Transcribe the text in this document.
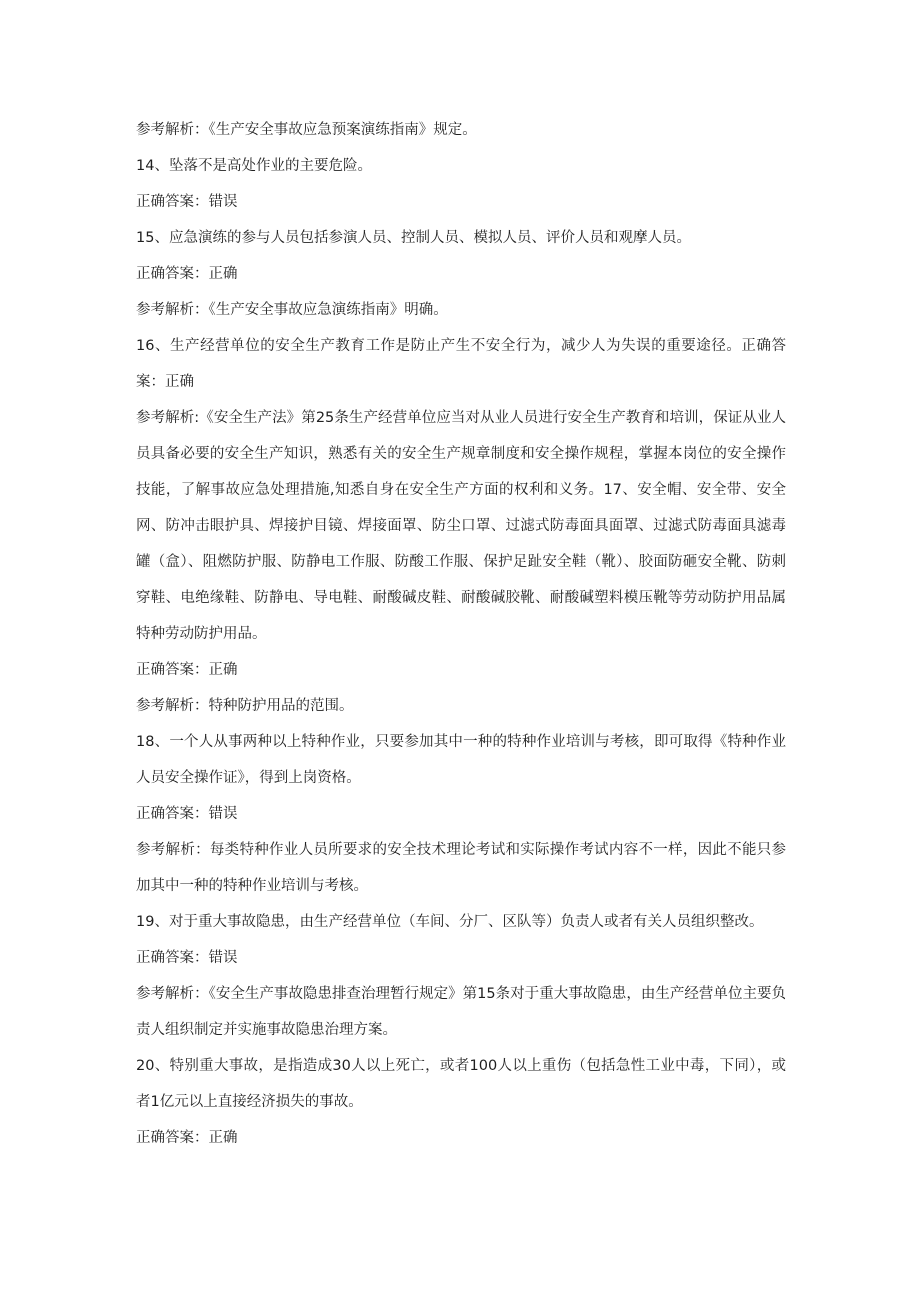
参考解析：《生产安全事故应急预案演练指南》规定。

14、坠落不是高处作业的主要危险。

正确答案：错误

15、应急演练的参与人员包括参演人员、控制人员、模拟人员、评价人员和观摩人员。

正确答案：正确

参考解析：《生产安全事故应急演练指南》明确。

16、生产经营单位的安全生产教育工作是防止产生不安全行为，减少人为失误的重要途径。正确答案：正确

参考解析:《安全生产法》第25条生产经营单位应当对从业人员进行安全生产教育和培训，保证从业人员具备必要的安全生产知识，熟悉有关的安全生产规章制度和安全操作规程，掌握本岗位的安全操作技能，了解事故应急处理措施,知悉自身在安全生产方面的权利和义务。17、安全帽、安全带、安全网、防冲击眼护具、焊接护目镜、焊接面罩、防尘口罩、过滤式防毒面具面罩、过滤式防毒面具滤毒罐（盒）、阻燃防护服、防静电工作服、防酸工作服、保护足趾安全鞋（靴）、胶面防砸安全靴、防刺穿鞋、电绝缘鞋、防静电、导电鞋、耐酸碱皮鞋、耐酸碱胶靴、耐酸碱塑料模压靴等劳动防护用品属特种劳动防护用品。

正确答案：正确

参考解析：特种防护用品的范围。

18、一个人从事两种以上特种作业，只要参加其中一种的特种作业培训与考核，即可取得《特种作业人员安全操作证》，得到上岗资格。

正确答案：错误

参考解析：每类特种作业人员所要求的安全技术理论考试和实际操作考试内容不一样，因此不能只参加其中一种的特种作业培训与考核。

19、对于重大事故隐患，由生产经营单位（车间、分厂、区队等）负责人或者有关人员组织整改。

正确答案：错误

参考解析：《安全生产事故隐患排查治理暂行规定》第15条对于重大事故隐患，由生产经营单位主要负责人组织制定并实施事故隐患治理方案。

20、特别重大事故，是指造成30人以上死亡，或者100人以上重伤（包括急性工业中毒，下同），或者1亿元以上直接经济损失的事故。

正确答案：正确
